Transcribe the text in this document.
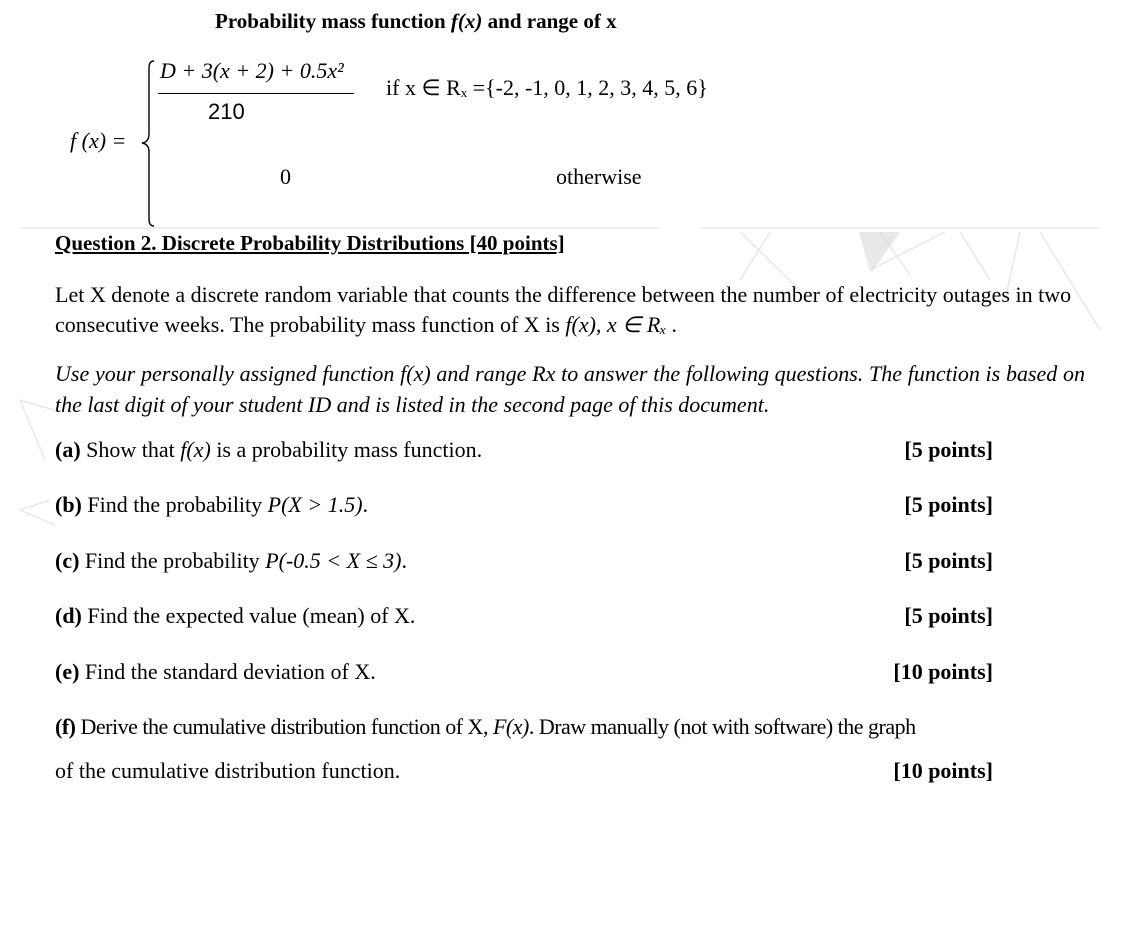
Probability mass function f(x) and range of x
D + 3(x + 2) + 0.5x²
210
if x ∈ Rₓ ={-2, -1, 0, 1, 2, 3, 4, 5, 6}
f (x) =
0	otherwise
Question 2. Discrete Probability Distributions [40 points]
Let X denote a discrete random variable that counts the difference between the number of electricity outages in two consecutive weeks. The probability mass function of X is f(x), x ∈ Rₓ .
Use your personally assigned function f(x) and range Rx to answer the following questions. The function is based on the last digit of your student ID and is listed in the second page of this document.
(a) Show that f(x) is a probability mass function.	[5 points]
(b) Find the probability P(X > 1.5).	[5 points]
(c) Find the probability P(-0.5 < X ≤ 3).	[5 points]
(d) Find the expected value (mean) of X.	[5 points]
(e) Find the standard deviation of X.	[10 points]
(f) Derive the cumulative distribution function of X, F(x). Draw manually (not with software) the graph
of the cumulative distribution function.	[10 points]
